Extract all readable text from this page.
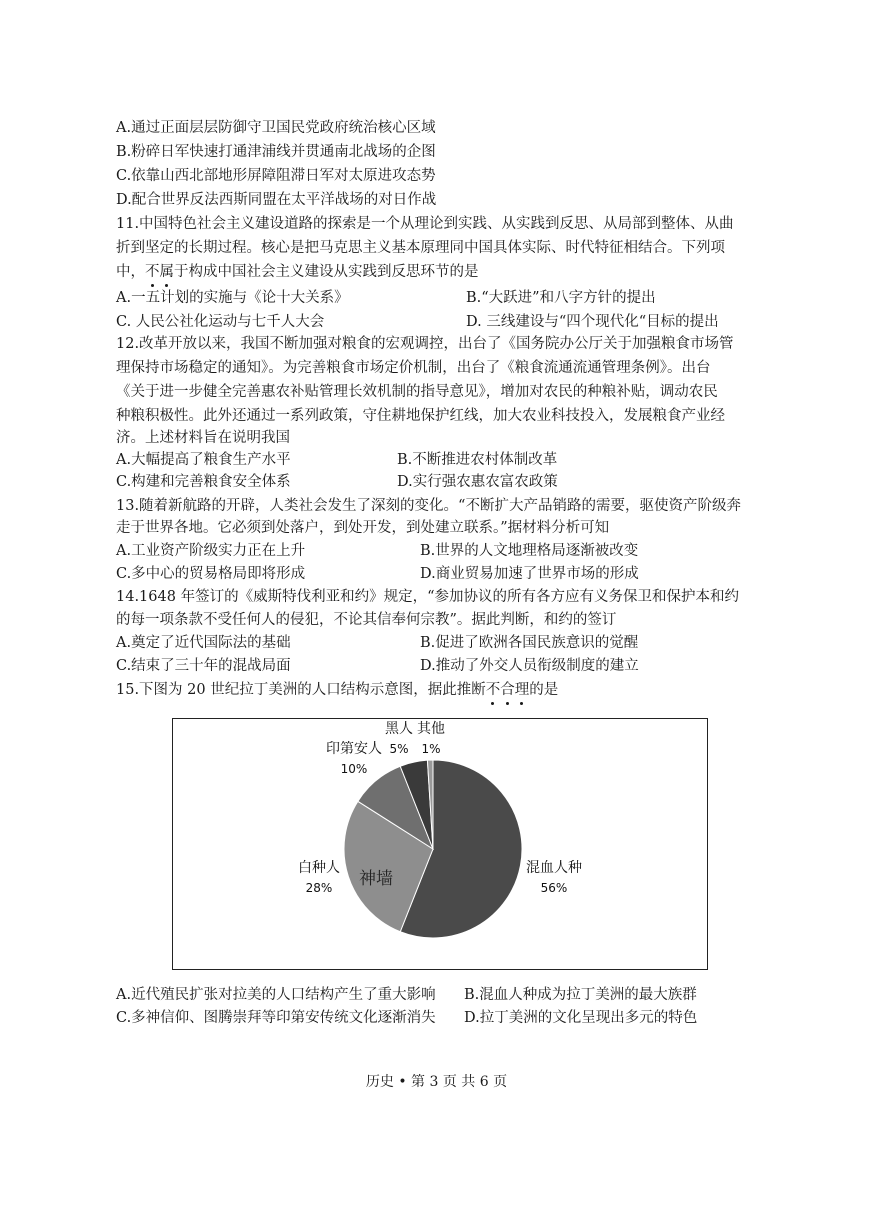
A.通过正面层层防御守卫国民党政府统治核心区域
B.粉碎日军快速打通津浦线并贯通南北战场的企图
C.依靠山西北部地形屏障阻滞日军对太原进攻态势
D.配合世界反法西斯同盟在太平洋战场的对日作战
11.中国特色社会主义建设道路的探索是一个从理论到实践、从实践到反思、从局部到整体、从曲
折到坚定的长期过程。核心是把马克思主义基本原理同中国具体实际、时代特征相结合。下列项
中，不属于构成中国社会主义建设从实践到反思环节的是
A.一五计划的实施与《论十大关系》	B.“大跃进”和八字方针的提出
C. 人民公社化运动与七千人大会	D. 三线建设与“四个现代化“目标的提出
12.改革开放以来，我国不断加强对粮食的宏观调控，出台了《国务院办公厅关于加强粮食市场管
理保持市场稳定的通知》。为完善粮食市场定价机制，出台了《粮食流通流通管理条例》。出台
《关于进一步健全完善惠农补贴管理长效机制的指导意见》，增加对农民的种粮补贴，调动农民
种粮积极性。此外还通过一系列政策，守住耕地保护红线，加大农业科技投入，发展粮食产业经
济。上述材料旨在说明我国
A.大幅提高了粮食生产水平	B.不断推进农村体制改革
C.构建和完善粮食安全体系	D.实行强农惠农富农政策
13.随着新航路的开辟，人类社会发生了深刻的变化。“不断扩大产品销路的需要，驱使资产阶级奔
走于世界各地。它必须到处落户，到处开发，到处建立联系。”据材料分析可知
A.工业资产阶级实力正在上升	B.世界的人文地理格局逐渐被改变
C.多中心的贸易格局即将形成	D.商业贸易加速了世界市场的形成
14.1648 年签订的《威斯特伐利亚和约》规定，“参加协议的所有各方应有义务保卫和保护本和约
的每一项条款不受任何人的侵犯，不论其信奉何宗教”。据此判断，和约的签订
A.奠定了近代国际法的基础	B.促进了欧洲各国民族意识的觉醒
C.结束了三十年的混战局面	D.推动了外交人员衔级制度的建立
15.下图为 20 世纪拉丁美洲的人口结构示意图，据此推断不合理的是
混血人种
56%
白种人
28%
印第安人
10%
黑人
5%
其他
1%
神墙
A.近代殖民扩张对拉美的人口结构产生了重大影响 B.混血人种成为拉丁美洲的最大族群
C.多神信仰、图腾崇拜等印第安传统文化逐渐消失 D.拉丁美洲的文化呈现出多元的特色
历史 • 第 3 页 共 6 页
